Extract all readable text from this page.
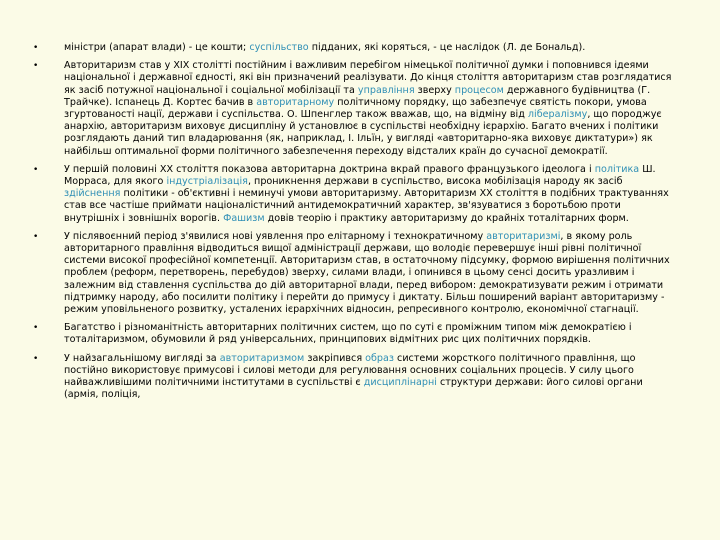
•	міністри (апарат влади) - це кошти; суспільство підданих, які коряться, - це наслідок (Л. де Бональд).
•	Авторитаризм став у XIX столітті постійним і важливим перебігом німецької політичної думки і поповнився ідеями національної і державної єдності, які він призначений реалізувати. До кінця століття авторитаризм став розглядатися як засіб потужної національної і соціальної мобілізації та управління зверху процесом державного будівництва (Г. Трайчке). Іспанець Д. Кортес бачив в авторитарному політичному порядку, що забезпечує святість покори, умова згуртованості нації, держави і суспільства. О. Шпенглер також вважав, що, на відміну від лібералізму, що породжує анархію, авторитаризм виховує дисципліну й установлює в суспільстві необхідну ієрархію. Багато вчених і політики розглядають даний тип владарювання (як, наприклад, І. Ільїн, у вигляді «авторитарно-яка виховує диктатури») як найбільш оптимальної форми політичного забезпечення переходу відсталих країн до сучасної демократії.
•	У першій половині ХХ століття показова авторитарна доктрина вкрай правого французького ідеолога і політика Ш. Морраса, для якого індустріалізація, проникнення держави в суспільство, висока мобілізація народу як засіб здійснення політики - об'єктивні і неминучі умови авторитаризму. Авторитаризм ХХ століття в подібних трактуваннях став все частіше приймати націоналістичний антидемократичний характер, зв'язуватися з боротьбою проти внутрішніх і зовнішніх ворогів. Фашизм довів теорію і практику авторитаризму до крайніх тоталітарних форм.
•	У післявоєнний період з'явилися нові уявлення про елітарному і технократичному авторитаризмі, в якому роль авторитарного правління відводиться вищої адміністрації держави, що володіє перевершує інші рівні політичної системи високої професійної компетенції. Авторитаризм став, в остаточному підсумку, формою вирішення політичних проблем (реформ, перетворень, перебудов) зверху, силами влади, і опинився в цьому сенсі досить уразливим і залежним від ставлення суспільства до дій авторитарної влади, перед вибором: демократизувати режим і отримати підтримку народу, або посилити політику і перейти до примусу і диктату. Більш поширений варіант авторитаризму - режим уповільненого розвитку, усталених ієрархічних відносин, репресивного контролю, економічної стагнації.
•	Багатство і різноманітність авторитарних політичних систем, що по суті є проміжним типом між демократією і тоталітаризмом, обумовили й ряд універсальних, принципових відмітних рис цих політичних порядків.
•	У найзагальнішому вигляді за авторитаризмом закріпився образ системи жорсткого політичного правління, що постійно використовує примусові і силові методи для регулювання основних соціальних процесів. У силу цього найважливішими політичними інститутами в суспільстві є дисциплінарні структури держави: його силові органи (армія, поліція,
